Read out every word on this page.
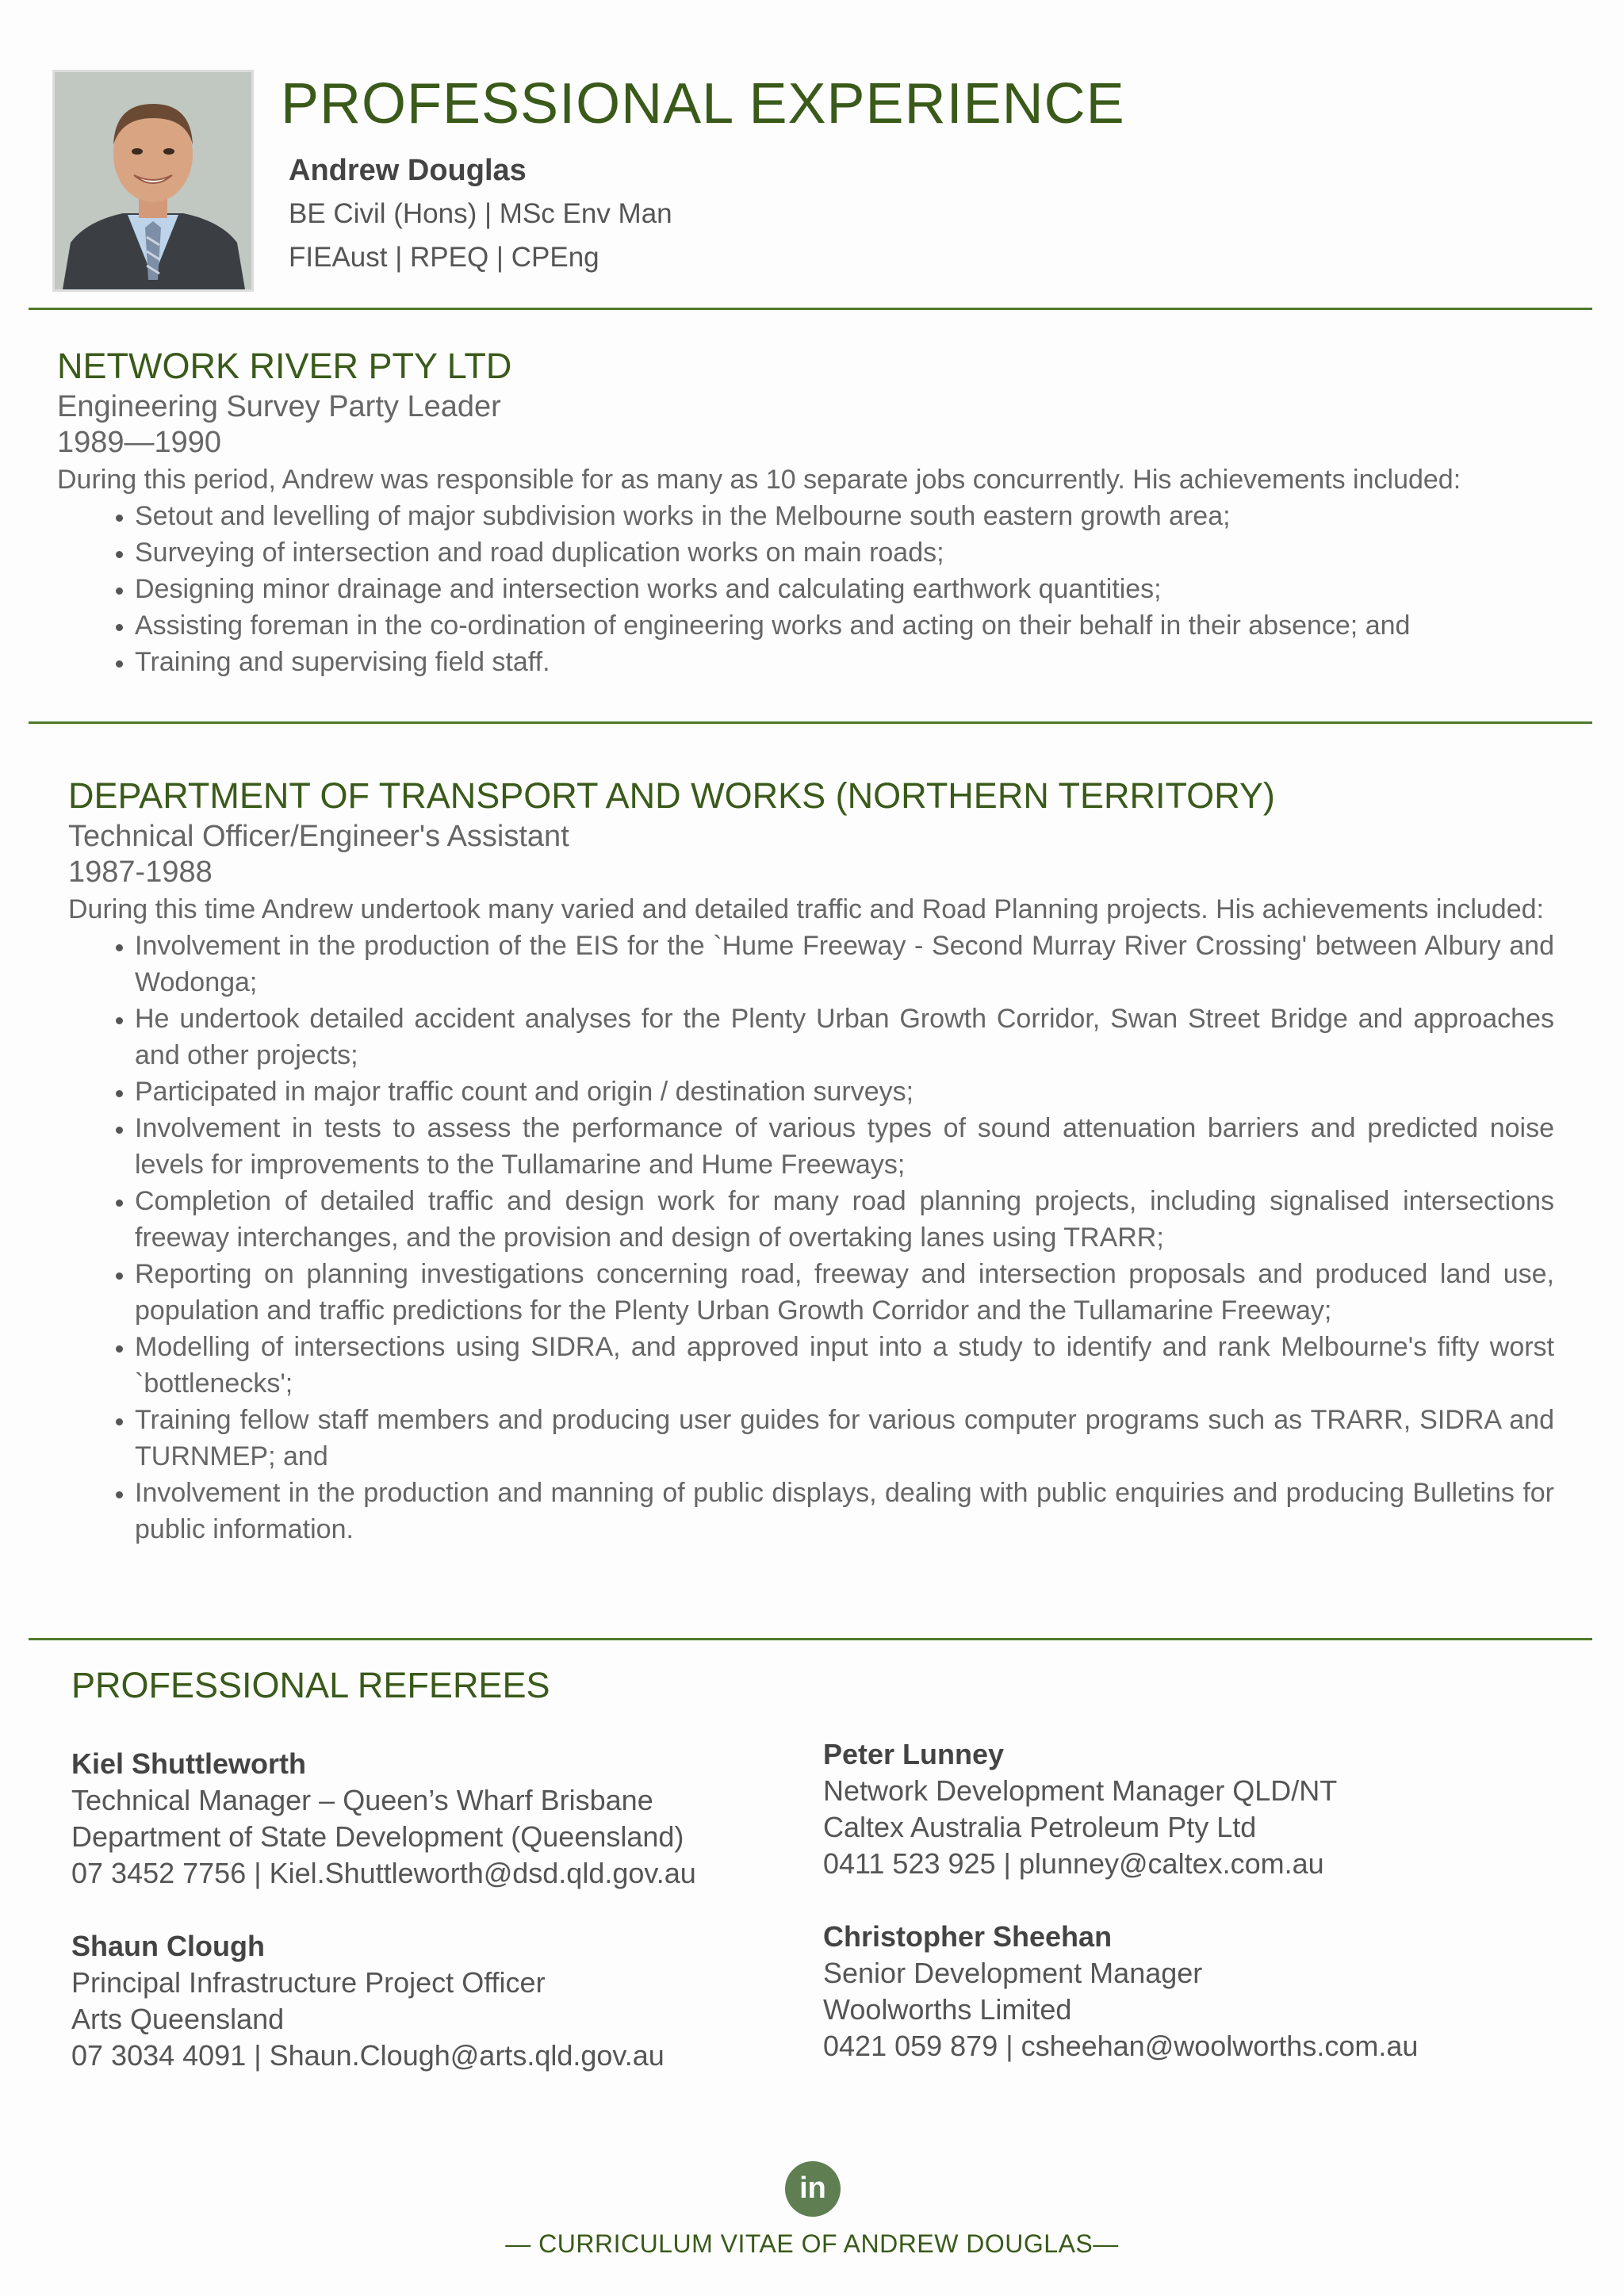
PROFESSIONAL EXPERIENCE
Andrew Douglas
BE Civil (Hons) | MSc Env Man
FIEAust | RPEQ | CPEng
NETWORK RIVER PTY LTD
Engineering Survey Party Leader
1989—1990

During this period, Andrew was responsible for as many as 10 separate jobs concurrently. His achievements included:

• Setout and levelling of major subdivision works in the Melbourne south eastern growth area;
• Surveying of intersection and road duplication works on main roads;
• Designing minor drainage and intersection works and calculating earthwork quantities;
• Assisting foreman in the co-ordination of engineering works and acting on their behalf in their absence; and
• Training and supervising field staff.
DEPARTMENT OF TRANSPORT AND WORKS (NORTHERN TERRITORY)
Technical Officer/Engineer's Assistant
1987-1988

During this time Andrew undertook many varied and detailed traffic and Road Planning projects. His achievements included:

• Involvement in the production of the EIS for the `Hume Freeway - Second Murray River Crossing' between Albury and Wodonga;
• He undertook detailed accident analyses for the Plenty Urban Growth Corridor, Swan Street Bridge and approaches and other projects;
• Participated in major traffic count and origin / destination surveys;
• Involvement in tests to assess the performance of various types of sound attenuation barriers and predicted noise levels for improvements to the Tullamarine and Hume Freeways;
• Completion of detailed traffic and design work for many road planning projects, including signalised intersections freeway interchanges, and the provision and design of overtaking lanes using TRARR;
• Reporting on planning investigations concerning road, freeway and intersection proposals and produced land use, population and traffic predictions for the Plenty Urban Growth Corridor and the Tullamarine Freeway;
• Modelling of intersections using SIDRA, and approved input into a study to identify and rank Melbourne's fifty worst `bottlenecks';
• Training fellow staff members and producing user guides for various computer programs such as TRARR, SIDRA and TURNMEP; and
• Involvement in the production and manning of public displays, dealing with public enquiries and producing Bulletins for public information.
PROFESSIONAL REFEREES
Kiel Shuttleworth
Technical Manager – Queen’s Wharf Brisbane
Department of State Development (Queensland)
07 3452 7756 | Kiel.Shuttleworth@dsd.qld.gov.au
Shaun Clough
Principal Infrastructure Project Officer
Arts Queensland
07 3034 4091 | Shaun.Clough@arts.qld.gov.au
Peter Lunney
Network Development Manager QLD/NT
Caltex Australia Petroleum Pty Ltd
0411 523 925 | plunney@caltex.com.au
Christopher Sheehan
Senior Development Manager
Woolworths Limited
0421 059 879 | csheehan@woolworths.com.au
in
— CURRICULUM VITAE OF ANDREW DOUGLAS—
